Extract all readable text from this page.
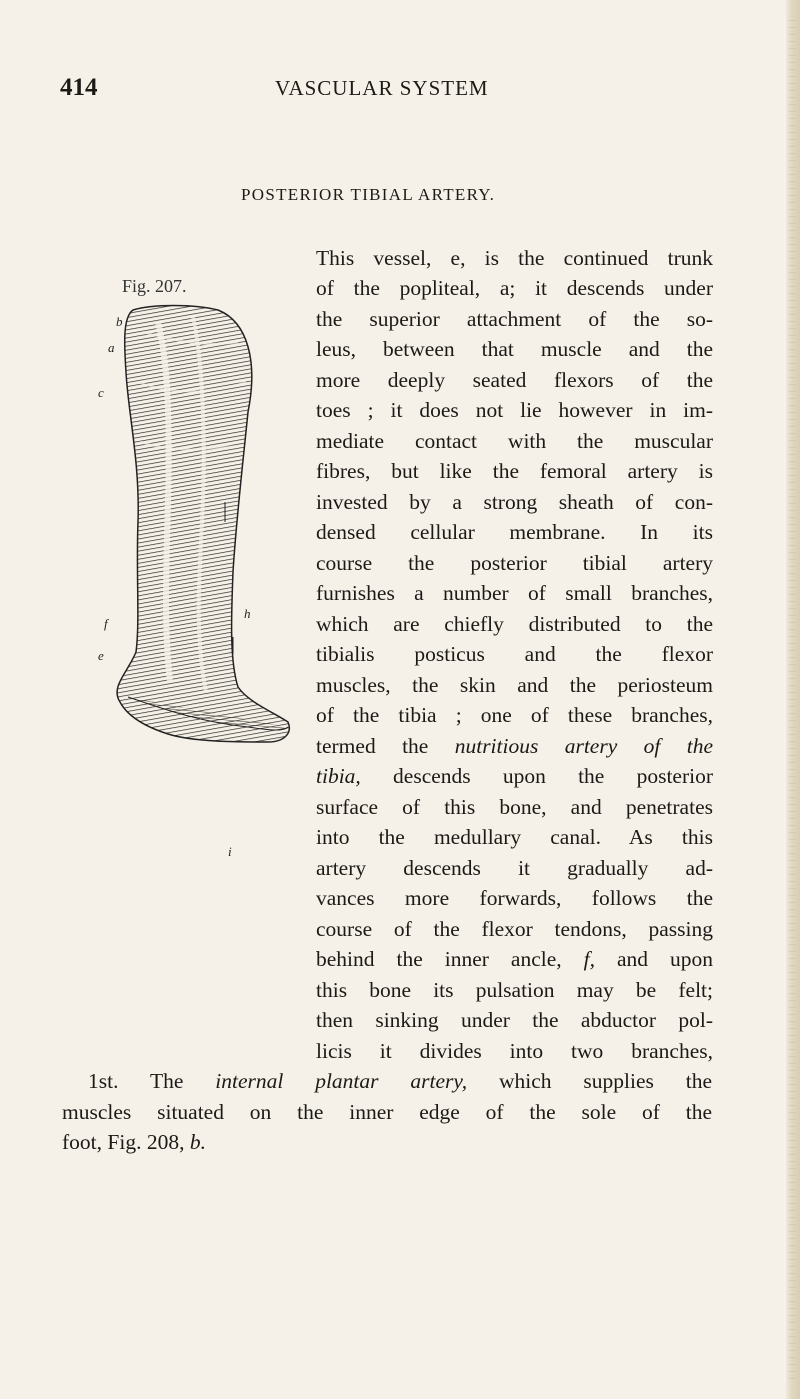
414	VASCULAR SYSTEM
POSTERIOR TIBIAL ARTERY.
Fig. 207.
b
a
c
e
i
f
h
This vessel, e, is the continued trunk
of the popliteal, a; it descends under
the superior attachment of the so-
leus, between that muscle and the
more deeply seated flexors of the
toes ; it does not lie however in im-
mediate contact with the muscular
fibres, but like the femoral artery is
invested by a strong sheath of con-
densed cellular membrane. In its
course the posterior tibial artery
furnishes a number of small branches,
which are chiefly distributed to the
tibialis posticus and the flexor
muscles, the skin and the periosteum
of the tibia ; one of these branches,
termed the nutritious artery of the
tibia, descends upon the posterior
surface of this bone, and penetrates
into the medullary canal. As this
artery descends it gradually ad-
vances more forwards, follows the
course of the flexor tendons, passing
behind the inner ancle, f, and upon
this bone its pulsation may be felt;
then sinking under the abductor pol-
licis it divides into two branches,
1st. The internal plantar artery, which supplies the
muscles situated on the inner edge of the sole of the
foot, Fig. 208, b.
